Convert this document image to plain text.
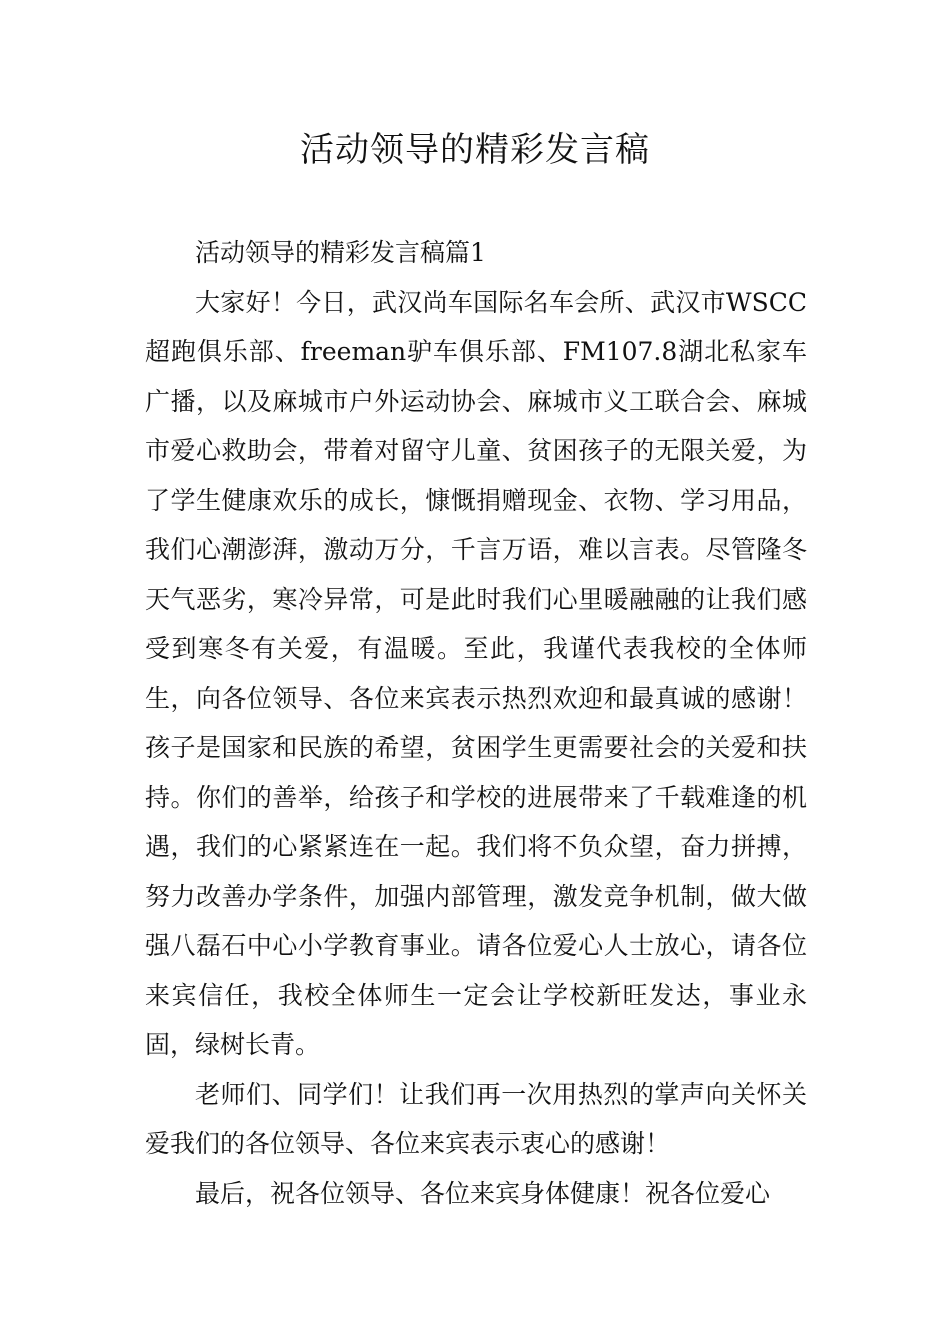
活动领导的精彩发言稿

活动领导的精彩发言稿篇1

大家好！今日，武汉尚车国际名车会所、武汉市WSCC超跑俱乐部、freeman驴车俱乐部、FM107.8湖北私家车广播，以及麻城市户外运动协会、麻城市义工联合会、麻城市爱心救助会，带着对留守儿童、贫困孩子的无限关爱，为了学生健康欢乐的成长，慷慨捐赠现金、衣物、学习用品，我们心潮澎湃，激动万分，千言万语，难以言表。尽管隆冬天气恶劣，寒冷异常，可是此时我们心里暖融融的让我们感受到寒冬有关爱，有温暖。至此，我谨代表我校的全体师生，向各位领导、各位来宾表示热烈欢迎和最真诚的感谢！孩子是国家和民族的希望，贫困学生更需要社会的关爱和扶持。你们的善举，给孩子和学校的进展带来了千载难逢的机遇，我们的心紧紧连在一起。我们将不负众望，奋力拼搏，努力改善办学条件，加强内部管理，激发竞争机制，做大做强八磊石中心小学教育事业。请各位爱心人士放心，请各位来宾信任，我校全体师生一定会让学校新旺发达，事业永固，绿树长青。

老师们、同学们！让我们再一次用热烈的掌声向关怀关爱我们的各位领导、各位来宾表示衷心的感谢！

最后，祝各位领导、各位来宾身体健康！祝各位爱心
